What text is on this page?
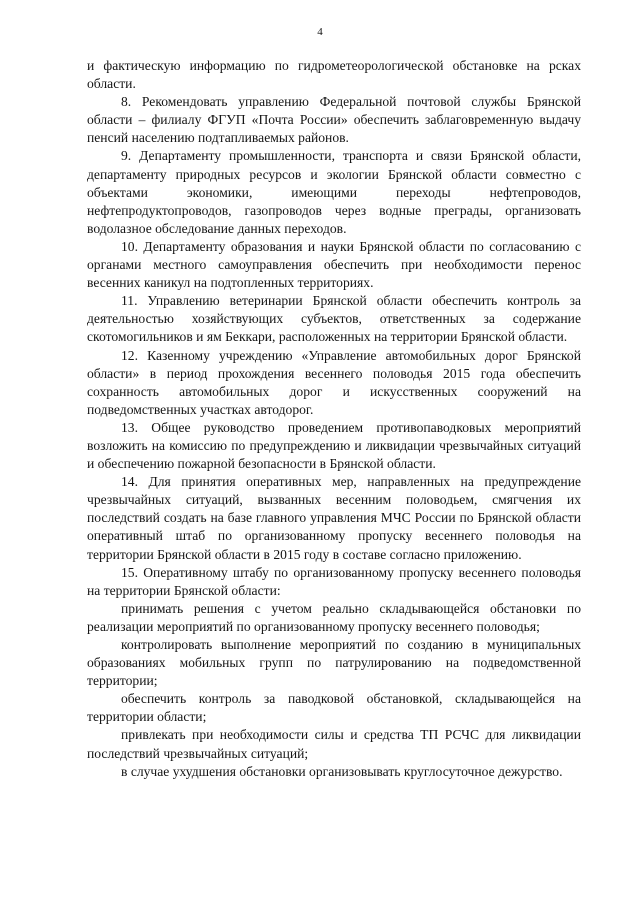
4

и фактическую информацию по гидрометеорологической обстановке на рсках области.

8. Рекомендовать управлению Федеральной почтовой службы Брянской области – филиалу ФГУП «Почта России» обеспечить заблаговременную выдачу пенсий населению подтапливаемых районов.

9. Департаменту промышленности, транспорта и связи Брянской области, департаменту природных ресурсов и экологии Брянской области совместно с объектами экономики, имеющими переходы нефтепроводов, нефтепродуктопроводов, газопроводов через водные преграды, организовать водолазное обследование данных переходов.

10. Департаменту образования и науки Брянской области по согласованию с органами местного самоуправления обеспечить при необходимости перенос весенних каникул на подтопленных территориях.

11. Управлению ветеринарии Брянской области обеспечить контроль за деятельностью хозяйствующих субъектов, ответственных за содержание скотомогильников и ям Беккари, расположенных на территории Брянской области.

12. Казенному учреждению «Управление автомобильных дорог Брянской области» в период прохождения весеннего половодья 2015 года обеспечить сохранность автомобильных дорог и искусственных сооружений на подведомственных участках автодорог.

13. Общее руководство проведением противопаводковых мероприятий возложить на комиссию по предупреждению и ликвидации чрезвычайных ситуаций и обеспечению пожарной безопасности в Брянской области.

14. Для принятия оперативных мер, направленных на предупреждение чрезвычайных ситуаций, вызванных весенним половодьем, смягчения их последствий создать на базе главного управления МЧС России по Брянской области оперативный штаб по организованному пропуску весеннего половодья на территории Брянской области в 2015 году в составе согласно приложению.

15. Оперативному штабу по организованному пропуску весеннего половодья на территории Брянской области:

принимать решения с учетом реально складывающейся обстановки по реализации мероприятий по организованному пропуску весеннего половодья;

контролировать выполнение мероприятий по созданию в муниципальных образованиях мобильных групп по патрулированию на подведомственной территории;

обеспечить контроль за паводковой обстановкой, складывающейся на территории области;

привлекать при необходимости силы и средства ТП РСЧС для ликвидации последствий чрезвычайных ситуаций;

в случае ухудшения обстановки организовывать круглосуточное дежурство.
